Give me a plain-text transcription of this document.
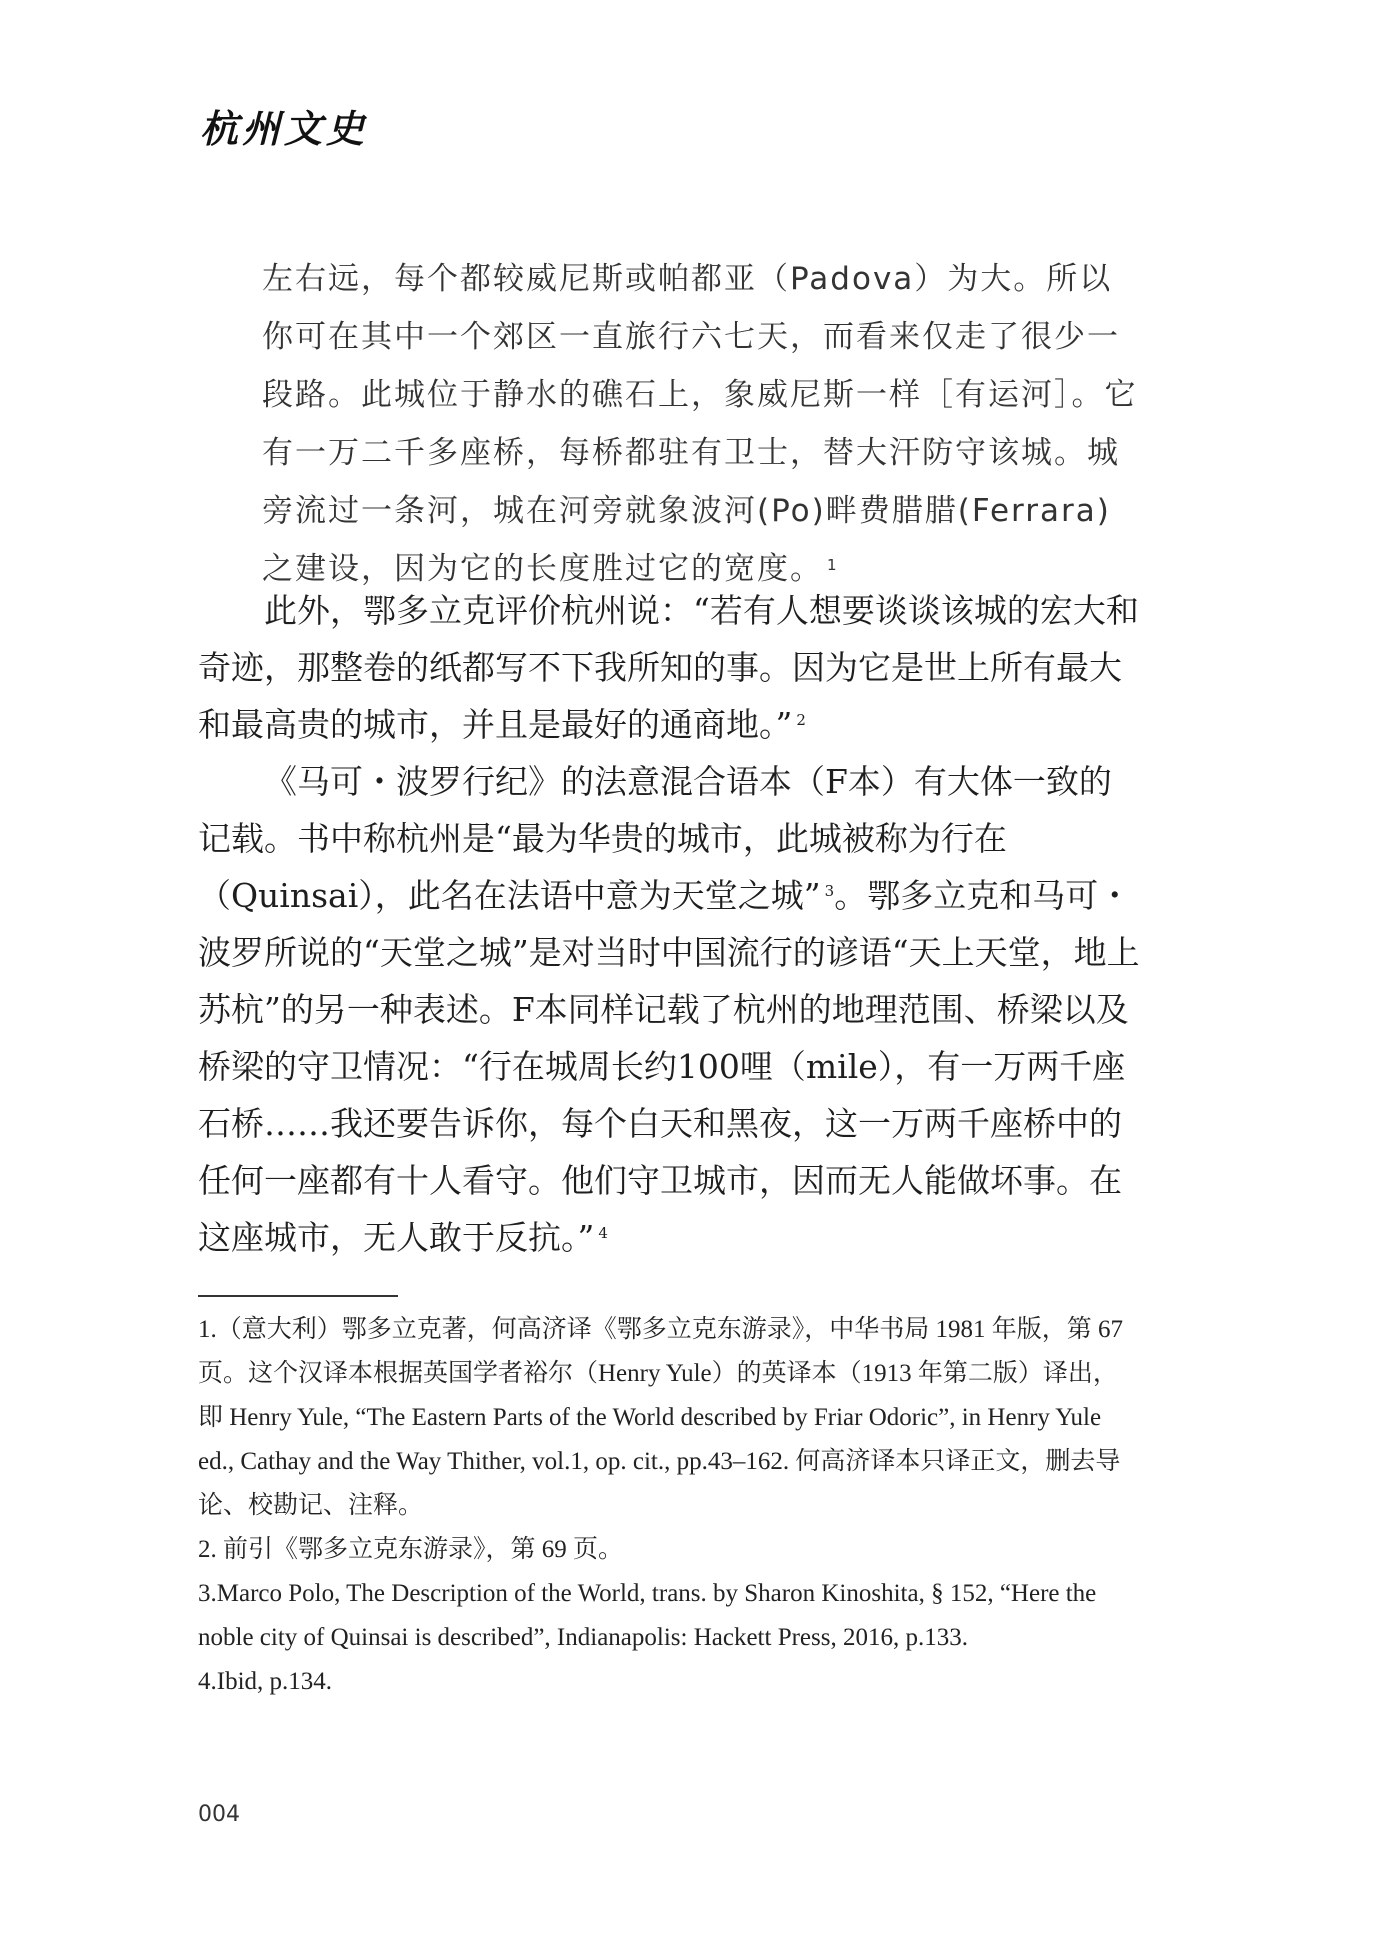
杭州文史

左右远，每个都较威尼斯或帕都亚（Padova）为大。所以你可在其中一个郊区一直旅行六七天，而看来仅走了很少一段路。此城位于静水的礁石上，象威尼斯一样［有运河］。它有一万二千多座桥，每桥都驻有卫士，替大汗防守该城。城旁流过一条河，城在河旁就象波河(Po)畔费腊腊(Ferrara)之建设，因为它的长度胜过它的宽度。 $^1$

此外，鄂多立克评价杭州说：“若有人想要谈谈该城的宏大和奇迹，那整卷的纸都写不下我所知的事。因为它是世上所有最大和最高贵的城市，并且是最好的通商地。” $^2$

《马可・波罗行纪》的法意混合语本（F本）有大体一致的记载。书中称杭州是“最为华贵的城市，此城被称为行在（Quinsai），此名在法语中意为天堂之城” $^3$。鄂多立克和马可・波罗所说的“天堂之城”是对当时中国流行的谚语“天上天堂，地上苏杭”的另一种表述。F本同样记载了杭州的地理范围、桥梁以及桥梁的守卫情况：“行在城周长约100哩（mile），有一万两千座石桥……我还要告诉你，每个白天和黑夜，这一万两千座桥中的任何一座都有十人看守。他们守卫城市，因而无人能做坏事。在这座城市，无人敢于反抗。” $^4$

1.（意大利）鄂多立克著，何高济译《鄂多立克东游录》，中华书局 1981 年版，第 67 页。这个汉译本根据英国学者裕尔（Henry Yule）的英译本（1913 年第二版）译出，即 Henry Yule, “The Eastern Parts of the World described by Friar Odoric”, in Henry Yule ed., Cathay and the Way Thither, vol.1, op. cit., pp.43–162. 何高济译本只译正文，删去导论、校勘记、注释。

2. 前引《鄂多立克东游录》，第 69 页。

3.Marco Polo, The Description of the World, trans. by Sharon Kinoshita, § 152, “Here the noble city of Quinsai is described”, Indianapolis: Hackett Press, 2016, p.133.

4.Ibid, p.134.

004
